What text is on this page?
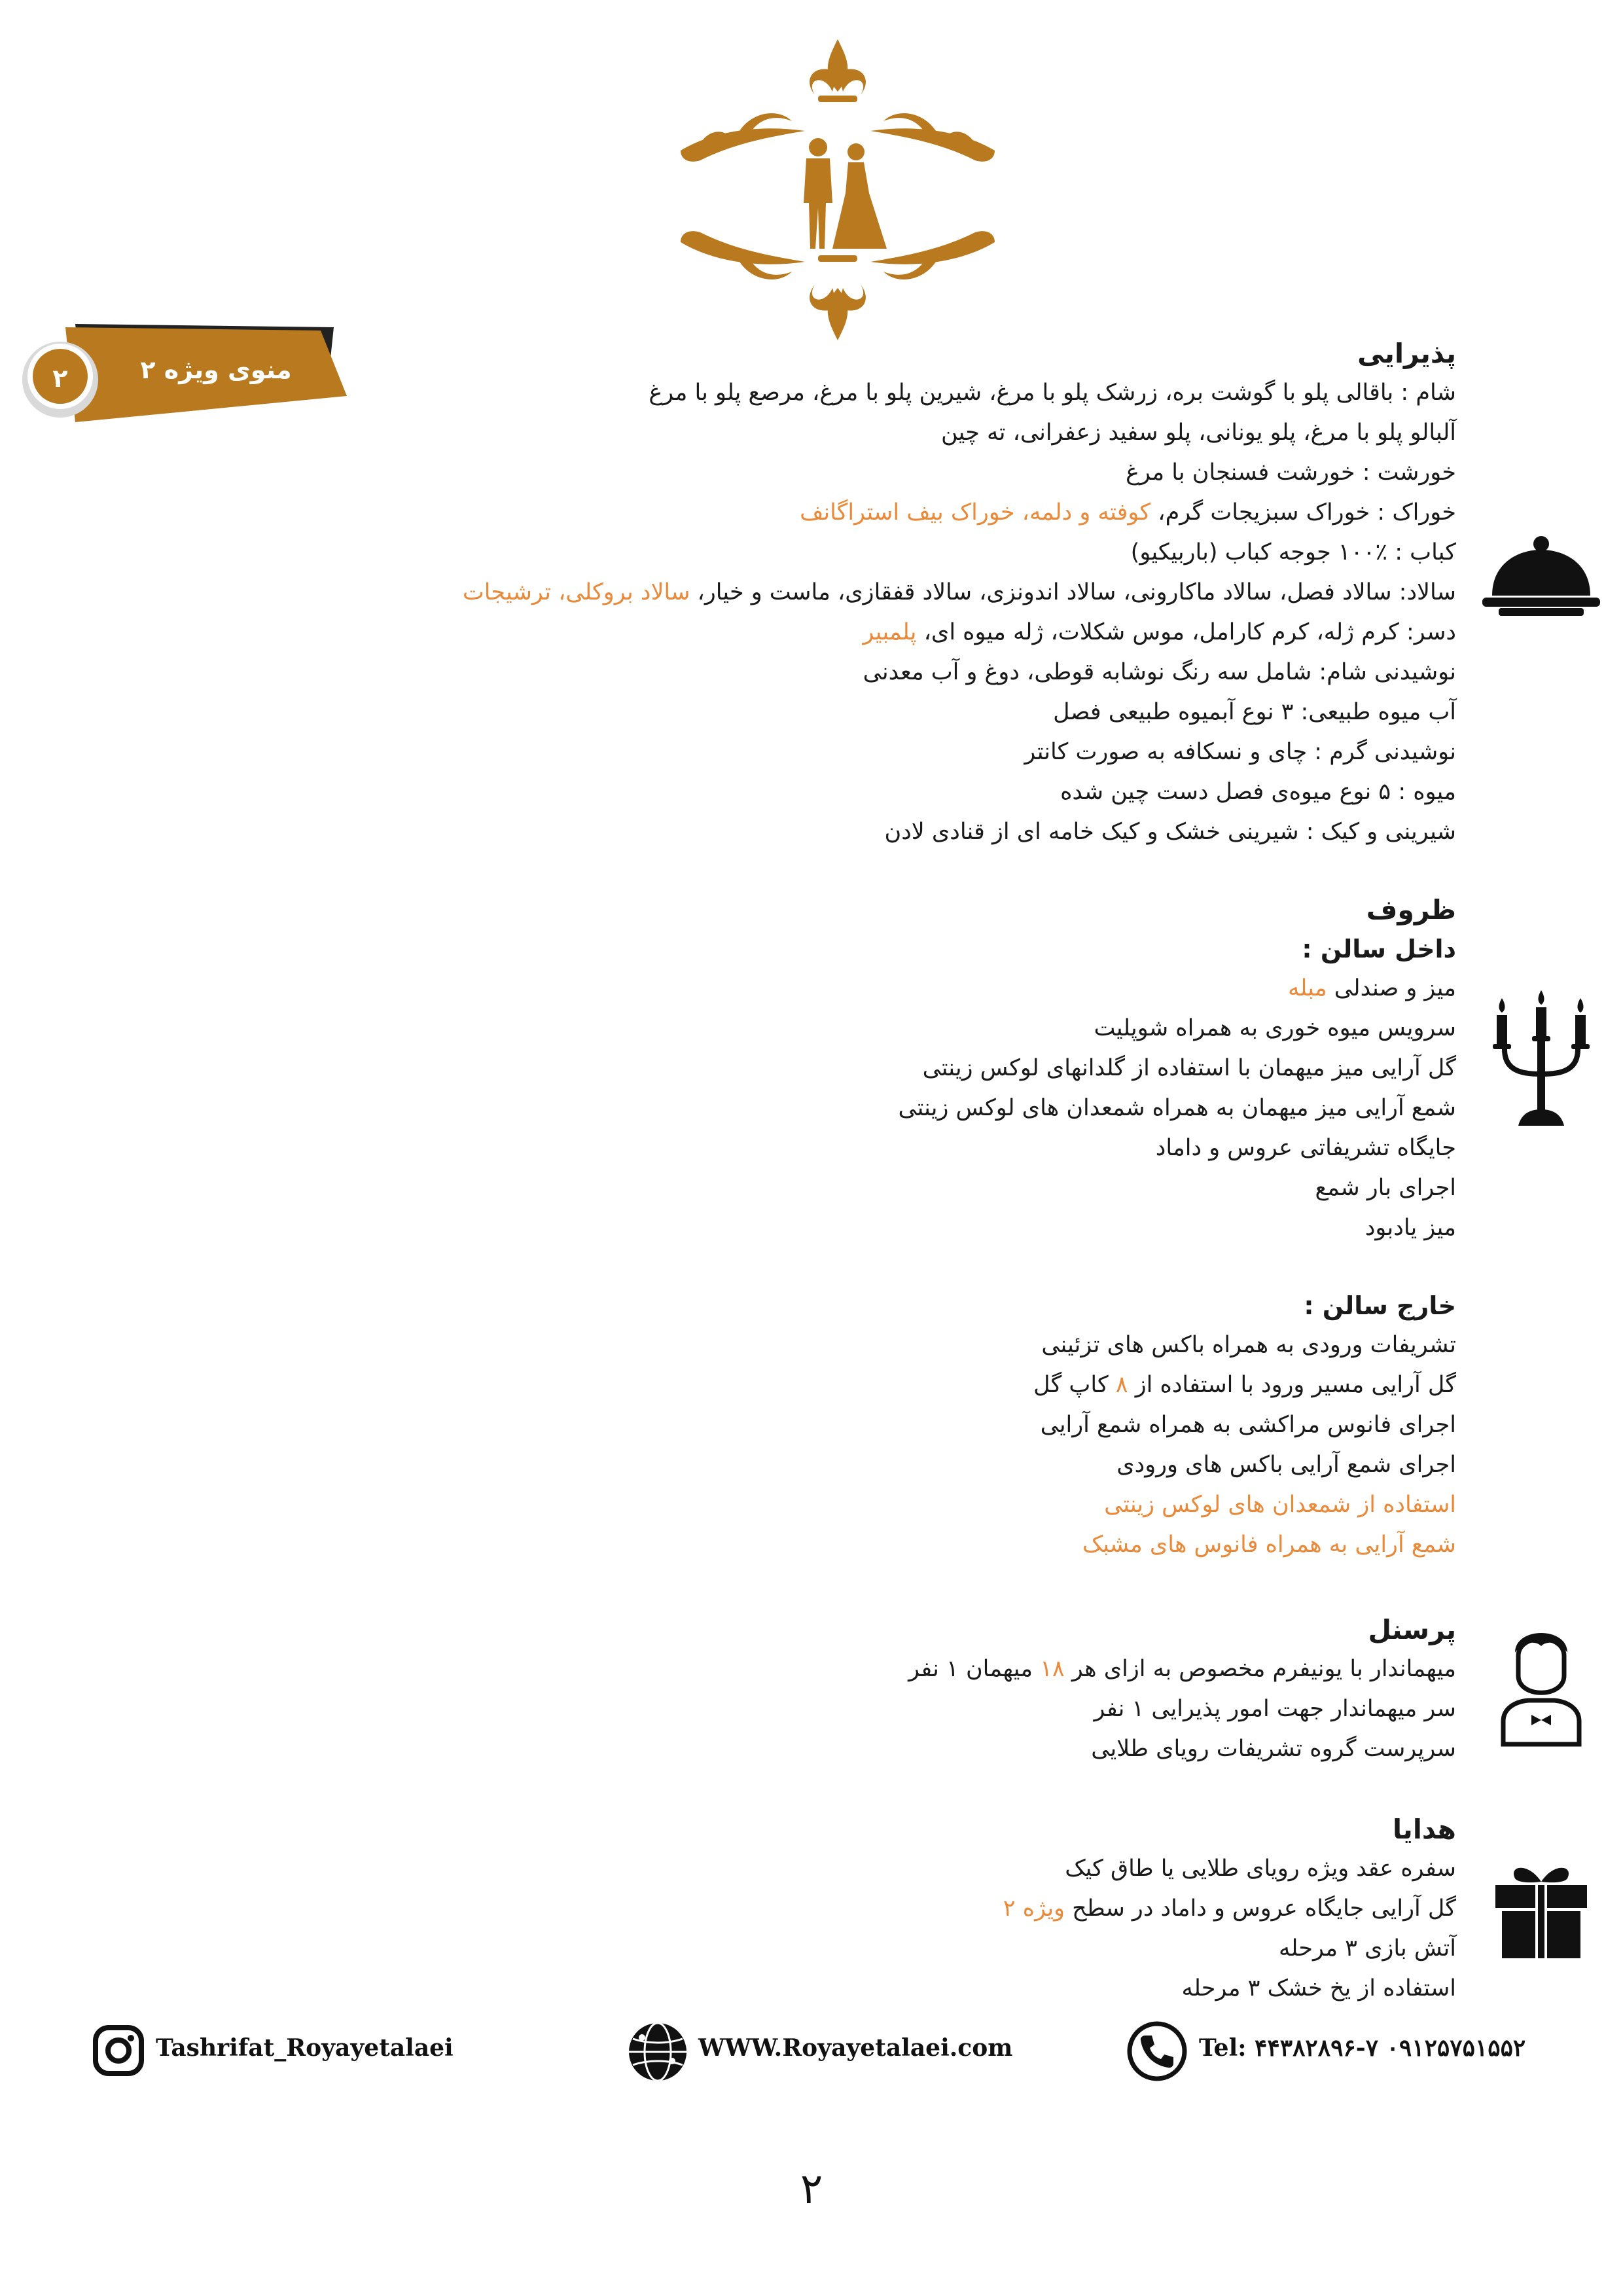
منوی ویژه ۲
۲
پذیرایی
شام : باقالی پلو با گوشت بره، زرشک پلو با مرغ، شیرین پلو با مرغ، مرصع پلو با مرغ
آلبالو پلو با مرغ، پلو یونانی، پلو سفید زعفرانی، ته چین
خورشت : خورشت فسنجان با مرغ
خوراک : خوراک سبزیجات گرم، کوفته و دلمه، خوراک بیف استراگانف
کباب : ٪۱۰۰ جوجه کباب (باربیکیو)
سالاد: سالاد فصل، سالاد ماکارونی، سالاد اندونزی، سالاد قفقازی، ماست و خیار، سالاد بروکلی، ترشیجات
دسر: کرم ژله، کرم کارامل، موس شکلات، ژله میوه ای، پلمبیر
نوشیدنی شام: شامل سه رنگ نوشابه قوطی، دوغ و آب معدنی
آب میوه طبیعی: ۳ نوع آبمیوه طبیعی فصل
نوشیدنی گرم : چای و نسکافه به صورت کانتر
میوه : ۵ نوع میوه‌ی فصل دست چین شده
شیرینی و کیک : شیرینی خشک و کیک خامه ای از قنادی لادن
ظروف
داخل سالن :
میز و صندلی مبله
سرویس میوه خوری به همراه شوپلیت
گل آرایی میز میهمان با استفاده از گلدانهای لوکس زینتی
شمع آرایی میز میهمان به همراه شمعدان های لوکس زینتی
جایگاه تشریفاتی عروس و داماد
اجرای بار شمع
میز یادبود
خارج سالن :
تشریفات ورودی به همراه باکس های تزئینی
گل آرایی مسیر ورود با استفاده از ۸ کاپ گل
اجرای فانوس مراکشی به همراه شمع آرایی
اجرای شمع آرایی باکس های ورودی
استفاده از شمعدان های لوکس زینتی
شمع آرایی به همراه فانوس های مشبک
پرسنل
میهماندار با یونیفرم مخصوص به ازای هر ۱۸ میهمان ۱ نفر
سر میهماندار جهت امور پذیرایی ۱ نفر
سرپرست گروه تشریفات رویای طلایی
هدایا
سفره عقد ویژه رویای طلایی یا طاق کیک
گل آرایی جایگاه عروس و داماد در سطح ویژه ۲
آتش بازی ۳ مرحله
استفاده از یخ خشک ۳ مرحله
Tashrifat_Royayetalaei	WWW.Royayetalaei.com	Tel: ۴۴۳۸۲۸۹۶-۷ ۰۹۱۲۵۷۵۱۵۵۲
۲
